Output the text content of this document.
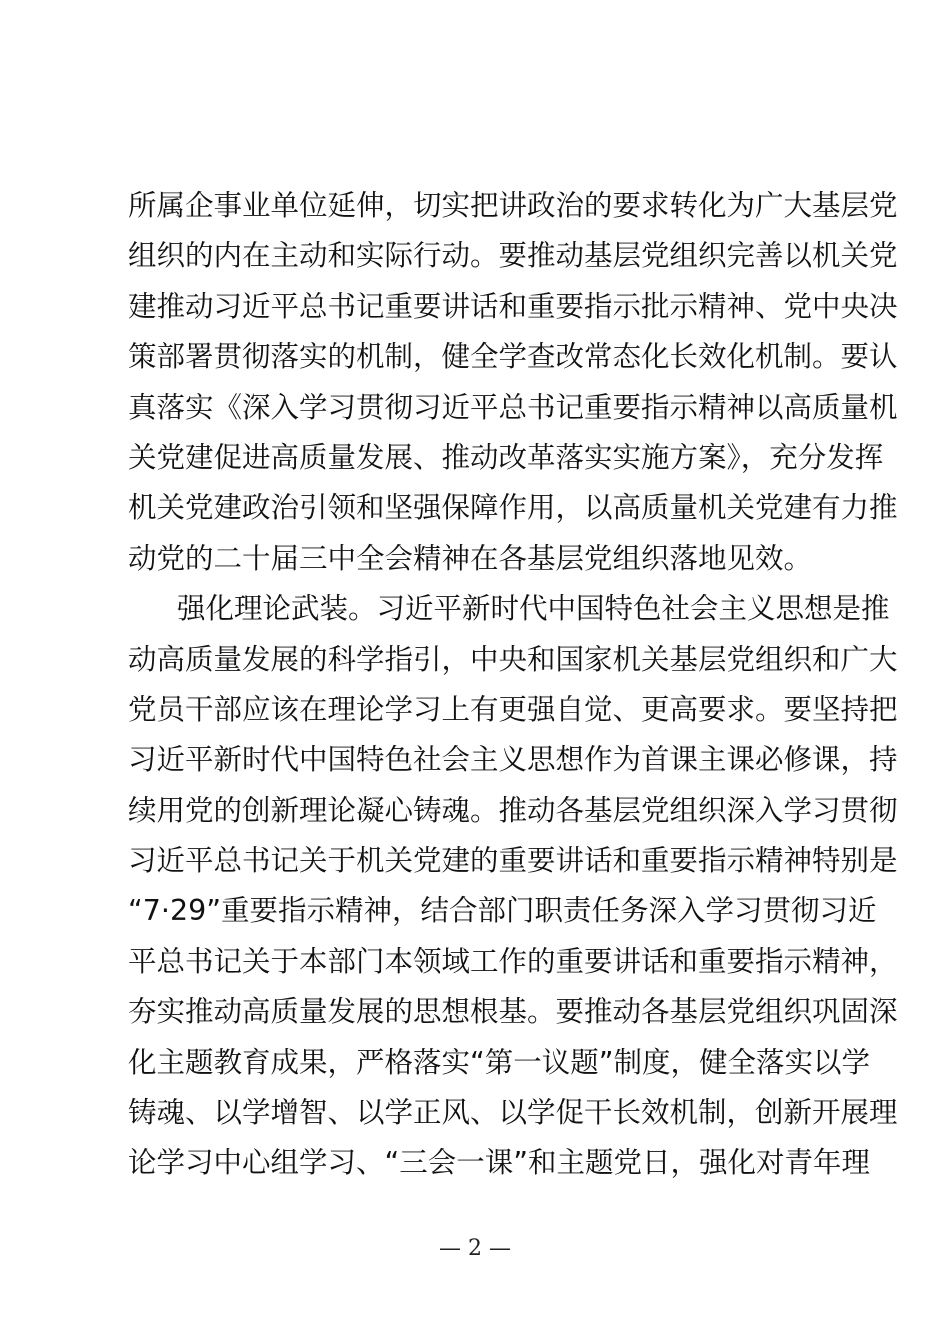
所属企事业单位延伸，切实把讲政治的要求转化为广大基层党
组织的内在主动和实际行动。要推动基层党组织完善以机关党
建推动习近平总书记重要讲话和重要指示批示精神、党中央决
策部署贯彻落实的机制，健全学查改常态化长效化机制。要认
真落实《深入学习贯彻习近平总书记重要指示精神以高质量机
关党建促进高质量发展、推动改革落实实施方案》，充分发挥
机关党建政治引领和坚强保障作用，以高质量机关党建有力推
动党的二十届三中全会精神在各基层党组织落地见效。
强化理论武装。习近平新时代中国特色社会主义思想是推
动高质量发展的科学指引，中央和国家机关基层党组织和广大
党员干部应该在理论学习上有更强自觉、更高要求。要坚持把
习近平新时代中国特色社会主义思想作为首课主课必修课，持
续用党的创新理论凝心铸魂。推动各基层党组织深入学习贯彻
习近平总书记关于机关党建的重要讲话和重要指示精神特别是
“7·29”重要指示精神，结合部门职责任务深入学习贯彻习近
平总书记关于本部门本领域工作的重要讲话和重要指示精神，
夯实推动高质量发展的思想根基。要推动各基层党组织巩固深
化主题教育成果，严格落实“第一议题”制度，健全落实以学
铸魂、以学增智、以学正风、以学促干长效机制，创新开展理
论学习中心组学习、“三会一课”和主题党日，强化对青年理
— 2 —
